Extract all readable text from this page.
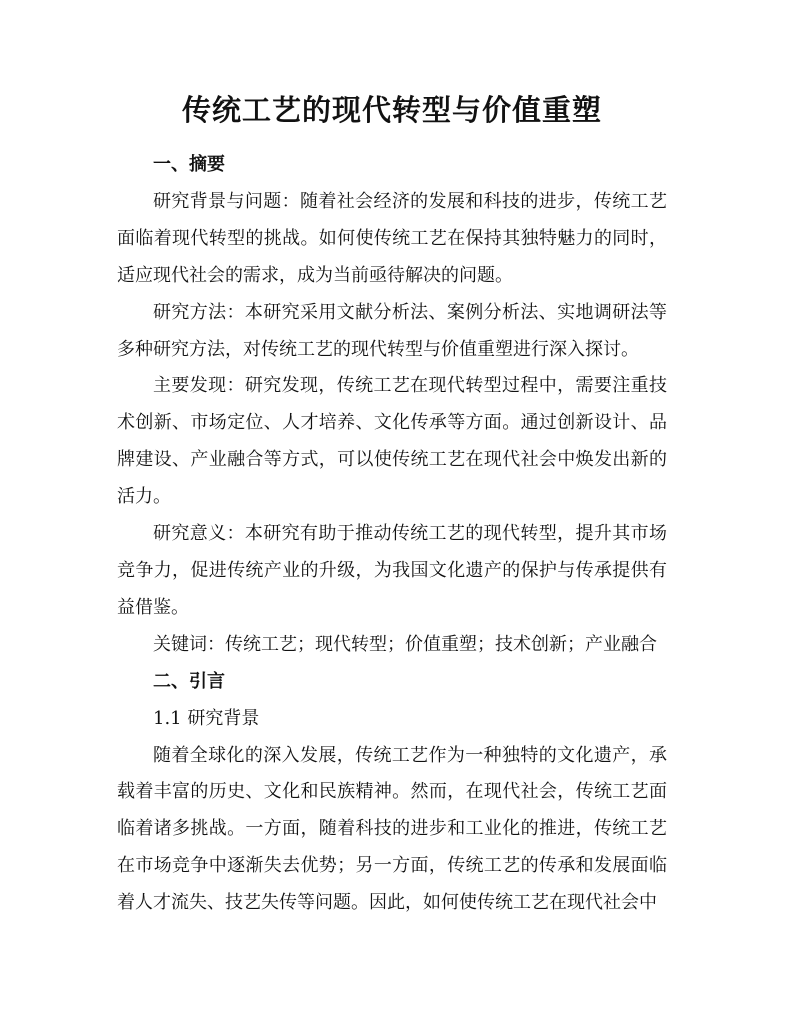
传统工艺的现代转型与价值重塑

一、摘要

研究背景与问题：随着社会经济的发展和科技的进步，传统工艺面临着现代转型的挑战。如何使传统工艺在保持其独特魅力的同时，适应现代社会的需求，成为当前亟待解决的问题。

研究方法：本研究采用文献分析法、案例分析法、实地调研法等多种研究方法，对传统工艺的现代转型与价值重塑进行深入探讨。

主要发现：研究发现，传统工艺在现代转型过程中，需要注重技术创新、市场定位、人才培养、文化传承等方面。通过创新设计、品牌建设、产业融合等方式，可以使传统工艺在现代社会中焕发出新的活力。

研究意义：本研究有助于推动传统工艺的现代转型，提升其市场竞争力，促进传统产业的升级，为我国文化遗产的保护与传承提供有益借鉴。

关键词：传统工艺；现代转型；价值重塑；技术创新；产业融合

二、引言

1.1 研究背景

随着全球化的深入发展，传统工艺作为一种独特的文化遗产，承载着丰富的历史、文化和民族精神。然而，在现代社会，传统工艺面临着诸多挑战。一方面，随着科技的进步和工业化的推进，传统工艺在市场竞争中逐渐失去优势；另一方面，传统工艺的传承和发展面临着人才流失、技艺失传等问题。因此，如何使传统工艺在现代社会中
